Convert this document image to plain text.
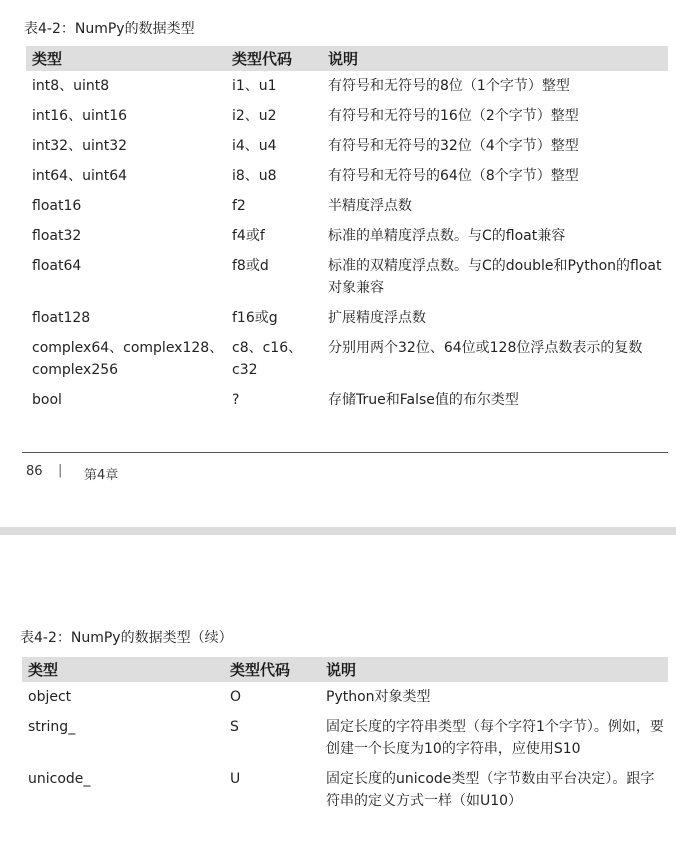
表4-2：NumPy的数据类型
类型	类型代码	说明
int8、uint8	i1、u1	有符号和无符号的8位（1个字节）整型
int16、uint16	i2、u2	有符号和无符号的16位（2个字节）整型
int32、uint32	i4、u4	有符号和无符号的32位（4个字节）整型
int64、uint64	i8、u8	有符号和无符号的64位（8个字节）整型
float16	f2	半精度浮点数
float32	f4或f	标准的单精度浮点数。与C的float兼容
float64	f8或d	标准的双精度浮点数。与C的double和Python的float对象兼容
float128	f16或g	扩展精度浮点数
complex64、complex128、complex256	c8、c16、c32	分别用两个32位、64位或128位浮点数表示的复数
bool	?	存储True和False值的布尔类型
86 | 第4章
表4-2：NumPy的数据类型（续）
类型	类型代码	说明
object	O	Python对象类型
string_	S	固定长度的字符串类型（每个字符1个字节）。例如，要创建一个长度为10的字符串，应使用S10
unicode_	U	固定长度的unicode类型（字节数由平台决定）。跟字符串的定义方式一样（如U10）
